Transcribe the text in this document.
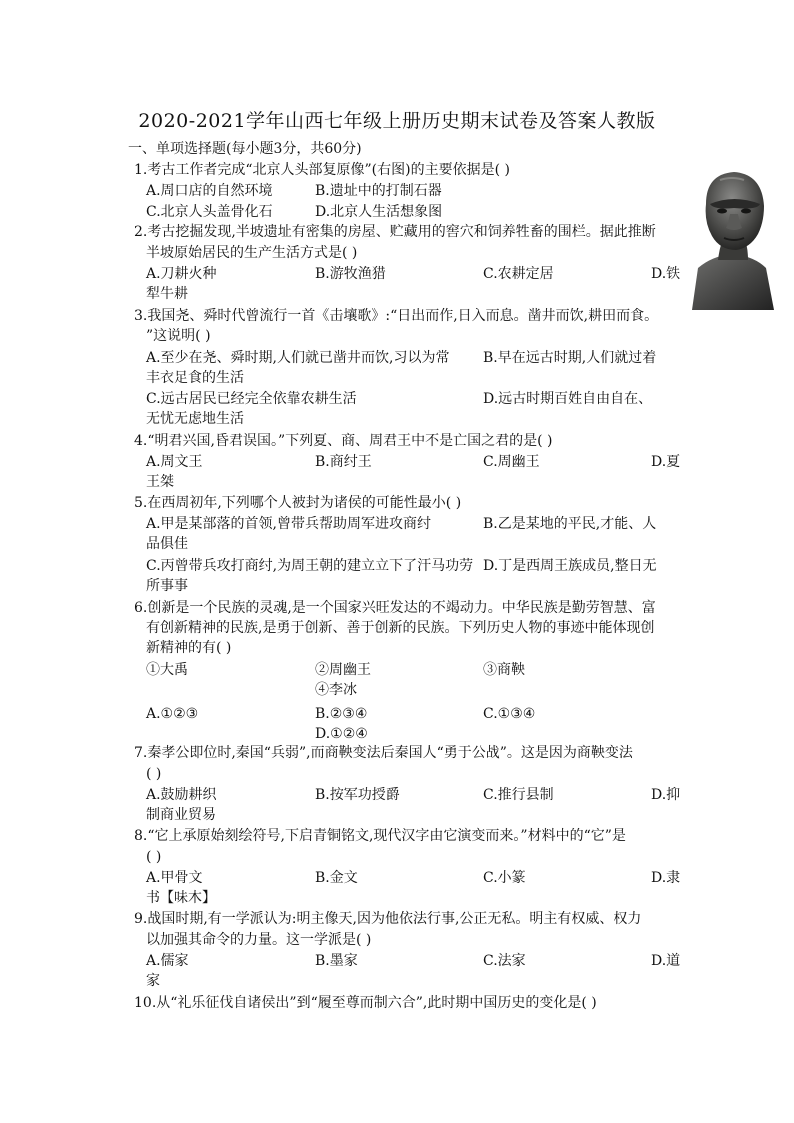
2020-2021学年山西七年级上册历史期末试卷及答案人教版
一、单项选择题(每小题3分，共60分)
1.考古工作者完成“北京人头部复原像”(右图)的主要依据是( )
A.周口店的自然环境	B.遗址中的打制石器
C.北京人头盖骨化石	D.北京人生活想象图
2.考古挖掘发现,半坡遗址有密集的房屋、贮藏用的窖穴和饲养牲畜的围栏。据此推断
半坡原始居民的生产生活方式是( )
A.刀耕火种	B.游牧渔猎	C.农耕定居	D.铁
犁牛耕
3.我国尧、舜时代曾流行一首《击壤歌》:“日出而作,日入而息。凿井而饮,耕田而食。
”这说明( )
A.至少在尧、舜时期,人们就已凿井而饮,习以为常 B.早在远古时期,人们就过着
丰衣足食的生活
C.远古居民已经完全依靠农耕生活	D.远古时期百姓自由自在、
无忧无虑地生活
4.“明君兴国,昏君误国。”下列夏、商、周君王中不是亡国之君的是( )
A.周文王	B.商纣王	C.周幽王	D.夏
王桀
5.在西周初年,下列哪个人被封为诸侯的可能性最小( )
A.甲是某部落的首领,曾带兵帮助周军进攻商纣	B.乙是某地的平民,才能、人
品俱佳
C.丙曾带兵攻打商纣,为周王朝的建立立下了汗马功劳 D.丁是西周王族成员,整日无
所事事
6.创新是一个民族的灵魂,是一个国家兴旺发达的不竭动力。中华民族是勤劳智慧、富
有创新精神的民族,是勇于创新、善于创新的民族。下列历史人物的事迹中能体现创
新精神的有( )
①大禹	②周幽王	③商鞅
④李冰
A.①②③	B.②③④	C.①③④
D.①②④
7.秦孝公即位时,秦国“兵弱”,而商鞅变法后秦国人“勇于公战”。这是因为商鞅变法
( )
A.鼓励耕织	B.按军功授爵	C.推行县制	D.抑
制商业贸易
8.“它上承原始刻绘符号,下启青铜铭文,现代汉字由它演变而来。”材料中的“它”是
( )
A.甲骨文	B.金文	C.小篆	D.隶
书【味木】
9.战国时期,有一学派认为:明主像天,因为他依法行事,公正无私。明主有权威、权力
以加强其命令的力量。这一学派是( )
A.儒家	B.墨家	C.法家	D.道
家
10.从“礼乐征伐自诸侯出”到“履至尊而制六合”,此时期中国历史的变化是( )
